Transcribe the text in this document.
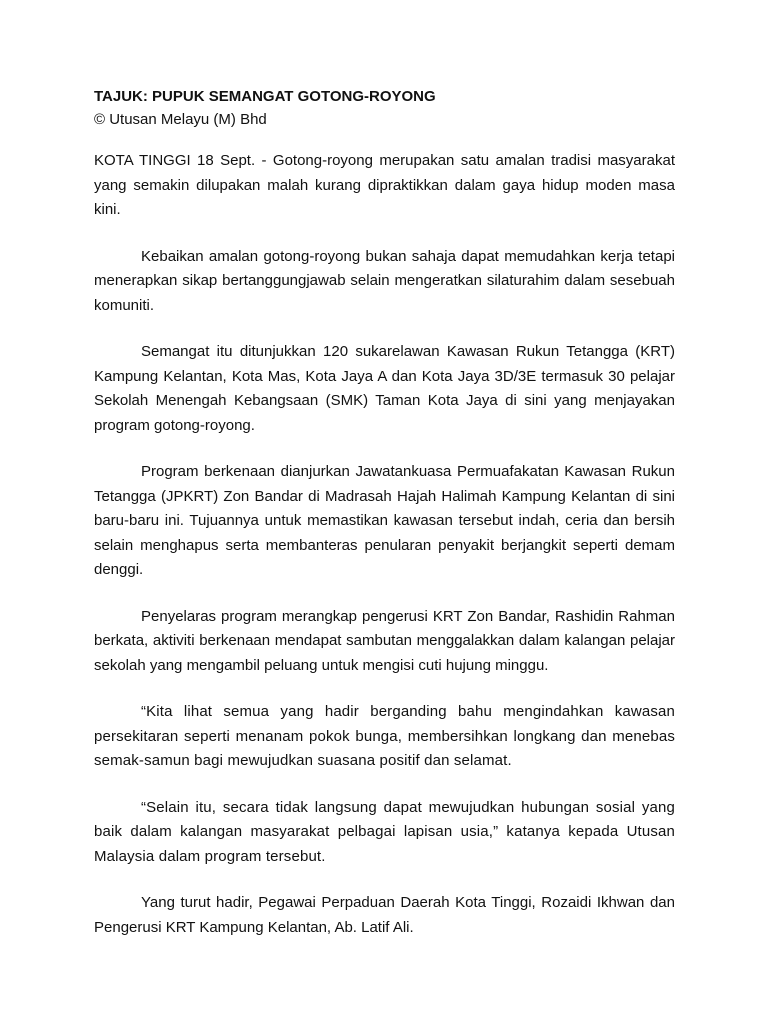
TAJUK: PUPUK SEMANGAT GOTONG-ROYONG

© Utusan Melayu (M) Bhd

KOTA TINGGI 18 Sept. - Gotong-royong merupakan satu amalan tradisi masyarakat yang semakin dilupakan malah kurang dipraktikkan dalam gaya hidup moden masa kini.

Kebaikan amalan gotong-royong bukan sahaja dapat memudahkan kerja tetapi menerapkan sikap bertanggungjawab selain mengeratkan silaturahim dalam sesebuah komuniti.

Semangat itu ditunjukkan 120 sukarelawan Kawasan Rukun Tetangga (KRT) Kampung Kelantan, Kota Mas, Kota Jaya A dan Kota Jaya 3D/3E termasuk 30 pelajar Sekolah Menengah Kebangsaan (SMK) Taman Kota Jaya di sini yang menjayakan program gotong-royong.

Program berkenaan dianjurkan Jawatankuasa Permuafakatan Kawasan Rukun Tetangga (JPKRT) Zon Bandar di Madrasah Hajah Halimah Kampung Kelantan di sini baru-baru ini. Tujuannya untuk memastikan kawasan tersebut indah, ceria dan bersih selain menghapus serta membanteras penularan penyakit berjangkit seperti demam denggi.

Penyelaras program merangkap pengerusi KRT Zon Bandar, Rashidin Rahman berkata, aktiviti berkenaan mendapat sambutan menggalakkan dalam kalangan pelajar sekolah yang mengambil peluang untuk mengisi cuti hujung minggu.

“Kita lihat semua yang hadir berganding bahu mengindahkan kawasan persekitaran seperti menanam pokok bunga, membersihkan longkang dan menebas semak-samun bagi mewujudkan suasana positif dan selamat.

“Selain itu, secara tidak langsung dapat mewujudkan hubungan sosial yang baik dalam kalangan masyarakat pelbagai lapisan usia,” katanya kepada Utusan Malaysia dalam program tersebut.

Yang turut hadir, Pegawai Perpaduan Daerah Kota Tinggi, Rozaidi Ikhwan dan Pengerusi KRT Kampung Kelantan, Ab. Latif Ali.
